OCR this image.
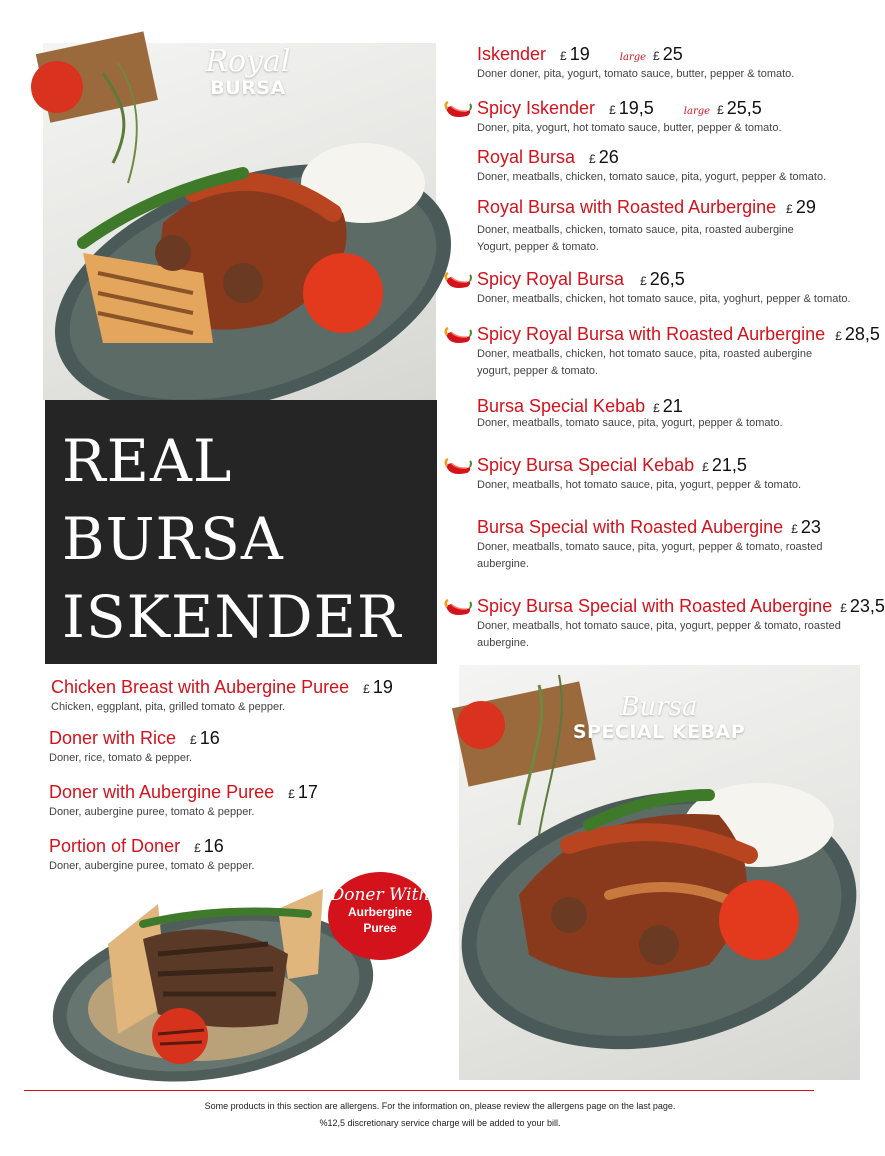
Royal
BURSA
REAL
BURSA
ISKENDER
Iskender £ 19	large £ 25
Doner doner, pita, yogurt, tomato sauce, butter, pepper & tomato.
Spicy Iskender £ 19,5	large £ 25,5
Doner, pita, yogurt, hot tomato sauce, butter, pepper & tomato.
Royal Bursa £ 26
Doner, meatballs, chicken, tomato sauce, pita, yogurt, pepper & tomato.
Royal Bursa with Roasted Aurbergine £ 29
Doner, meatballs, chicken, tomato sauce, pita, roasted aubergine
Yogurt, pepper & tomato.
Spicy Royal Bursa £ 26,5
Doner, meatballs, chicken, hot tomato sauce, pita, yoghurt, pepper & tomato.
Spicy Royal Bursa with Roasted Aurbergine £ 28,5
Doner, meatballs, chicken, hot tomato sauce, pita, roasted aubergine
yogurt, pepper & tomato.
Bursa Special Kebab £ 21
Doner, meatballs, tomato sauce, pita, yogurt, pepper & tomato.
Spicy Bursa Special Kebab £ 21,5
Doner, meatballs, hot tomato sauce, pita, yogurt, pepper & tomato.
Bursa Special with Roasted Aubergine £ 23
Doner, meatballs, tomato sauce, pita, yogurt, pepper & tomato, roasted
aubergine.
Spicy Bursa Special with Roasted Aubergine £ 23,5
Doner, meatballs, hot tomato sauce, pita, yogurt, pepper & tomato, roasted
aubergine.
Chicken Breast with Aubergine Puree £ 19
Chicken, eggplant, pita, grilled tomato & pepper.
Doner with Rice £ 16
Doner, rice, tomato & pepper.
Doner with Aubergine Puree £ 17
Doner, aubergine puree, tomato & pepper.
Portion of Doner £ 16
Doner, aubergine puree, tomato & pepper.
Doner With
Aurbergine
Puree
Bursa
SPECIAL KEBAP
Some products in this section are allergens. For the information on, please review the allergens page on the last page.
%12,5 discretionary service charge will be added to your bill.
